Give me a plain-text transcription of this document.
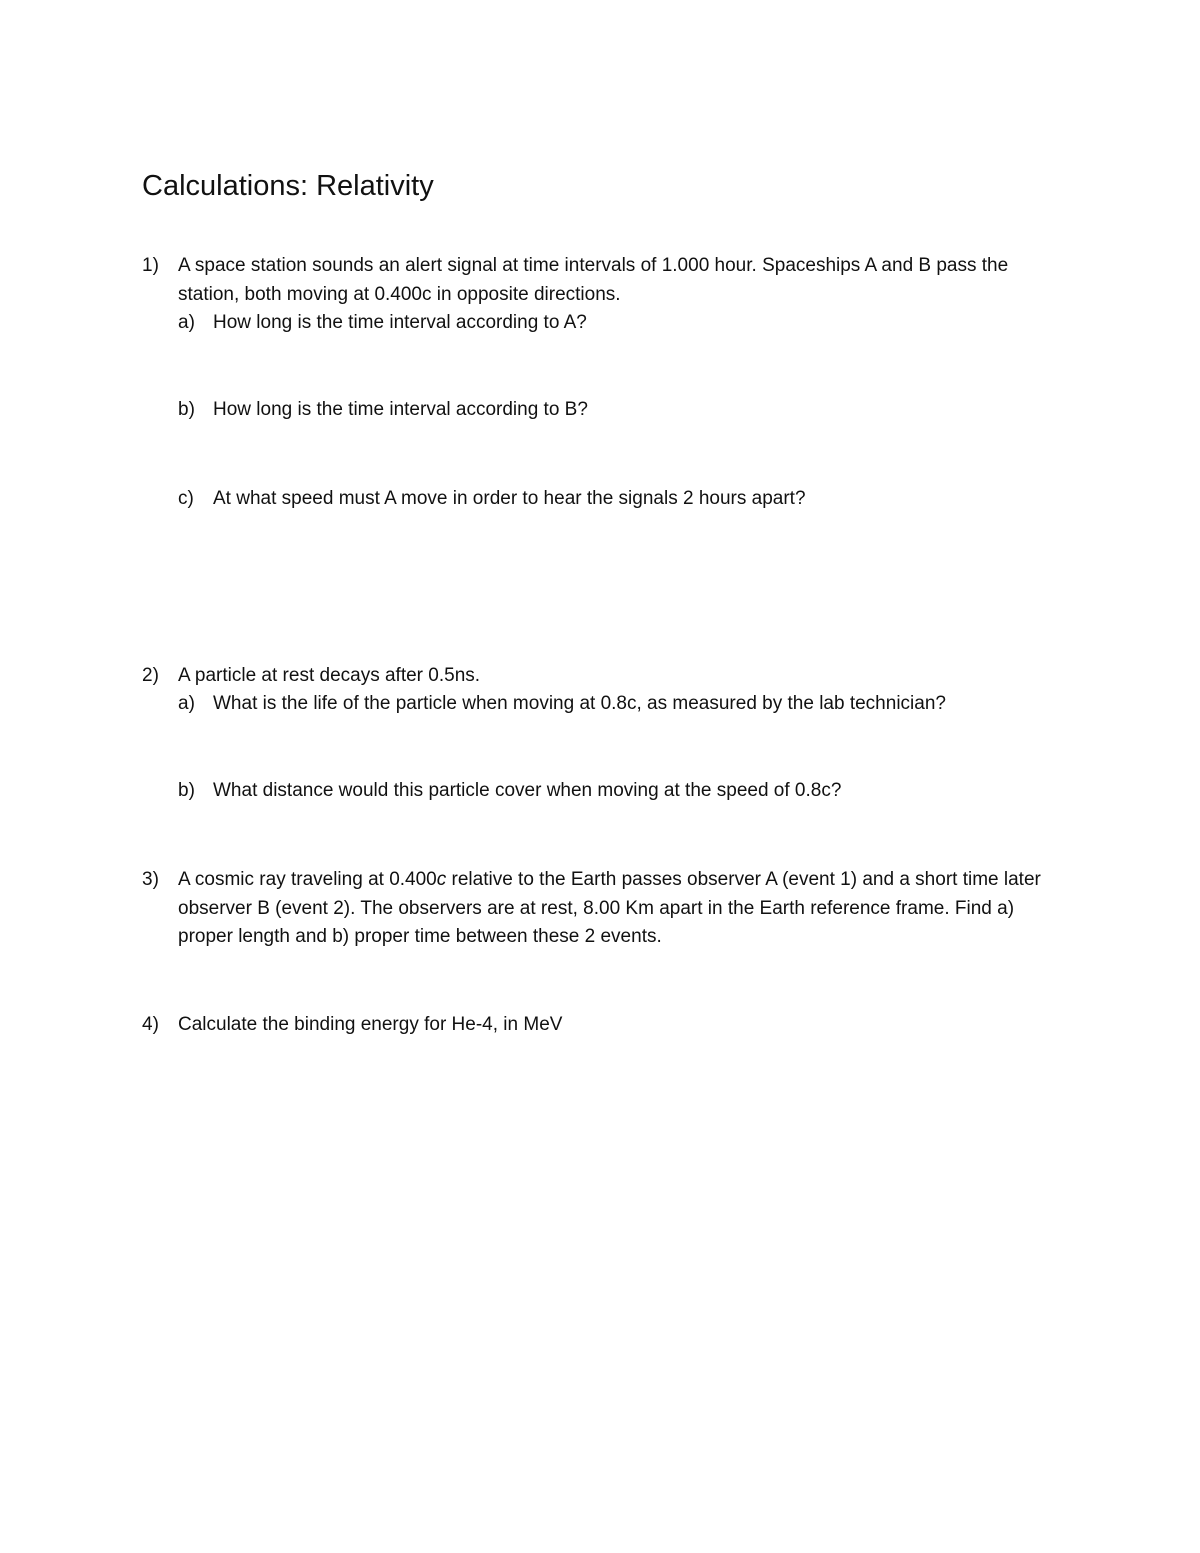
Calculations: Relativity
1)	A space station sounds an alert signal at time intervals of 1.000 hour. Spaceships A and B pass the station, both moving at 0.400c in opposite directions.
a) How long is the time interval according to A?
b) How long is the time interval according to B?
c) At what speed must A move in order to hear the signals 2 hours apart?
2)	A particle at rest decays after 0.5ns.
a) What is the life of the particle when moving at 0.8c, as measured by the lab technician?
b) What distance would this particle cover when moving at the speed of 0.8c?
3)	A cosmic ray traveling at 0.400c relative to the Earth passes observer A (event 1) and a short time later observer B (event 2). The observers are at rest, 8.00 Km apart in the Earth reference frame. Find a) proper length and b) proper time between these 2 events.
4)	Calculate the binding energy for He-4, in MeV
